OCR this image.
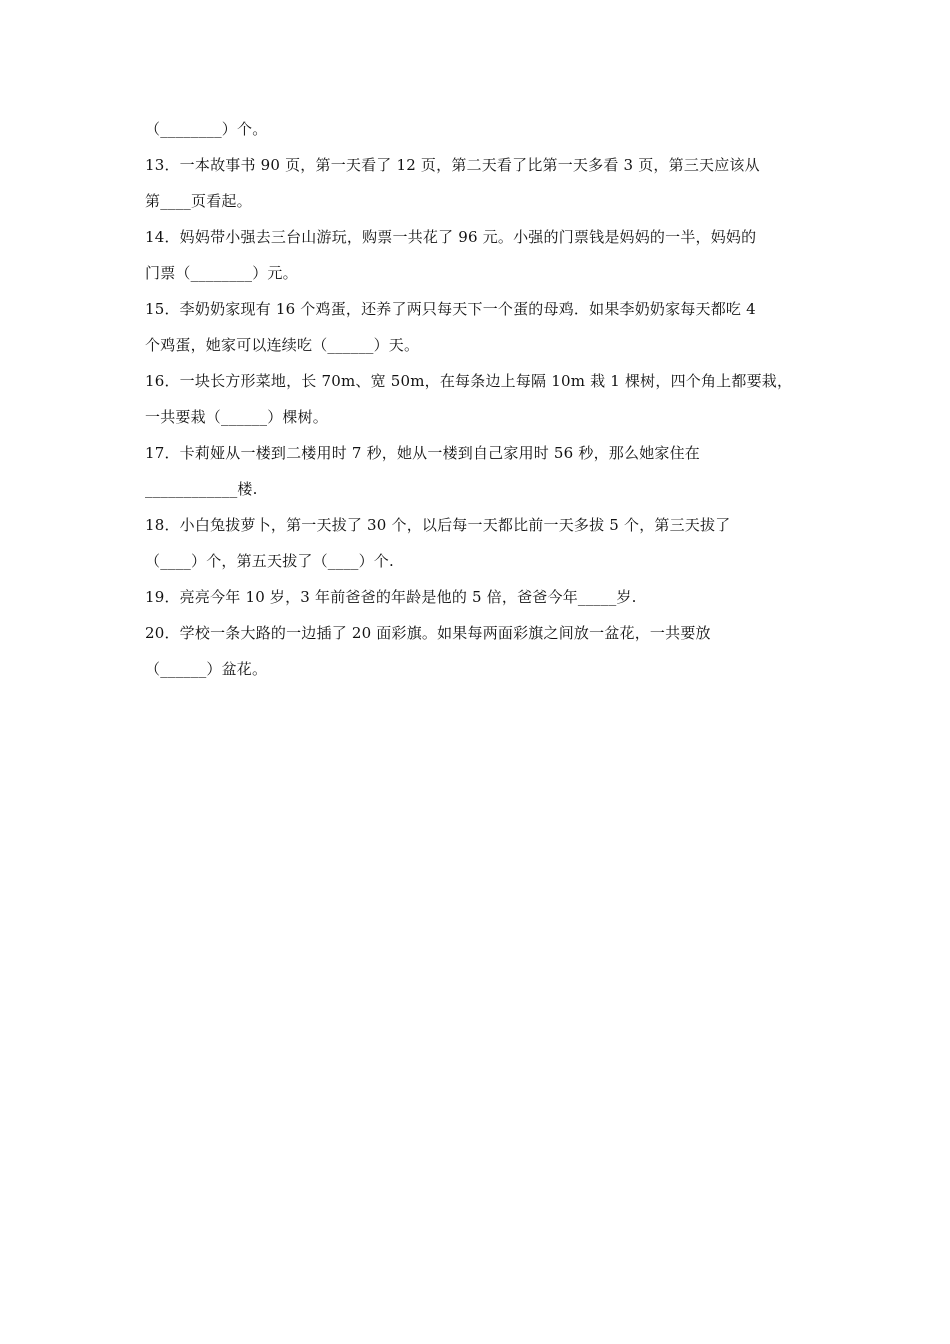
（________）个。
13．一本故事书 90 页，第一天看了 12 页，第二天看了比第一天多看 3 页，第三天应该从
第____页看起。
14．妈妈带小强去三台山游玩，购票一共花了 96 元。小强的门票钱是妈妈的一半，妈妈的
门票（________）元。
15．李奶奶家现有 16 个鸡蛋，还养了两只每天下一个蛋的母鸡．如果李奶奶家每天都吃 4
个鸡蛋，她家可以连续吃（______）天。
16．一块长方形菜地，长 70m、宽 50m，在每条边上每隔 10m 栽 1 棵树，四个角上都要栽，
一共要栽（______）棵树。
17．卡莉娅从一楼到二楼用时 7 秒，她从一楼到自己家用时 56 秒，那么她家住在
____________楼.
18．小白兔拔萝卜，第一天拔了 30 个，以后每一天都比前一天多拔 5 个，第三天拔了
（____）个，第五天拔了（____）个.
19．亮亮今年 10 岁，3 年前爸爸的年龄是他的 5 倍，爸爸今年_____岁.
20．学校一条大路的一边插了 20 面彩旗。如果每两面彩旗之间放一盆花，一共要放
（______）盆花。
